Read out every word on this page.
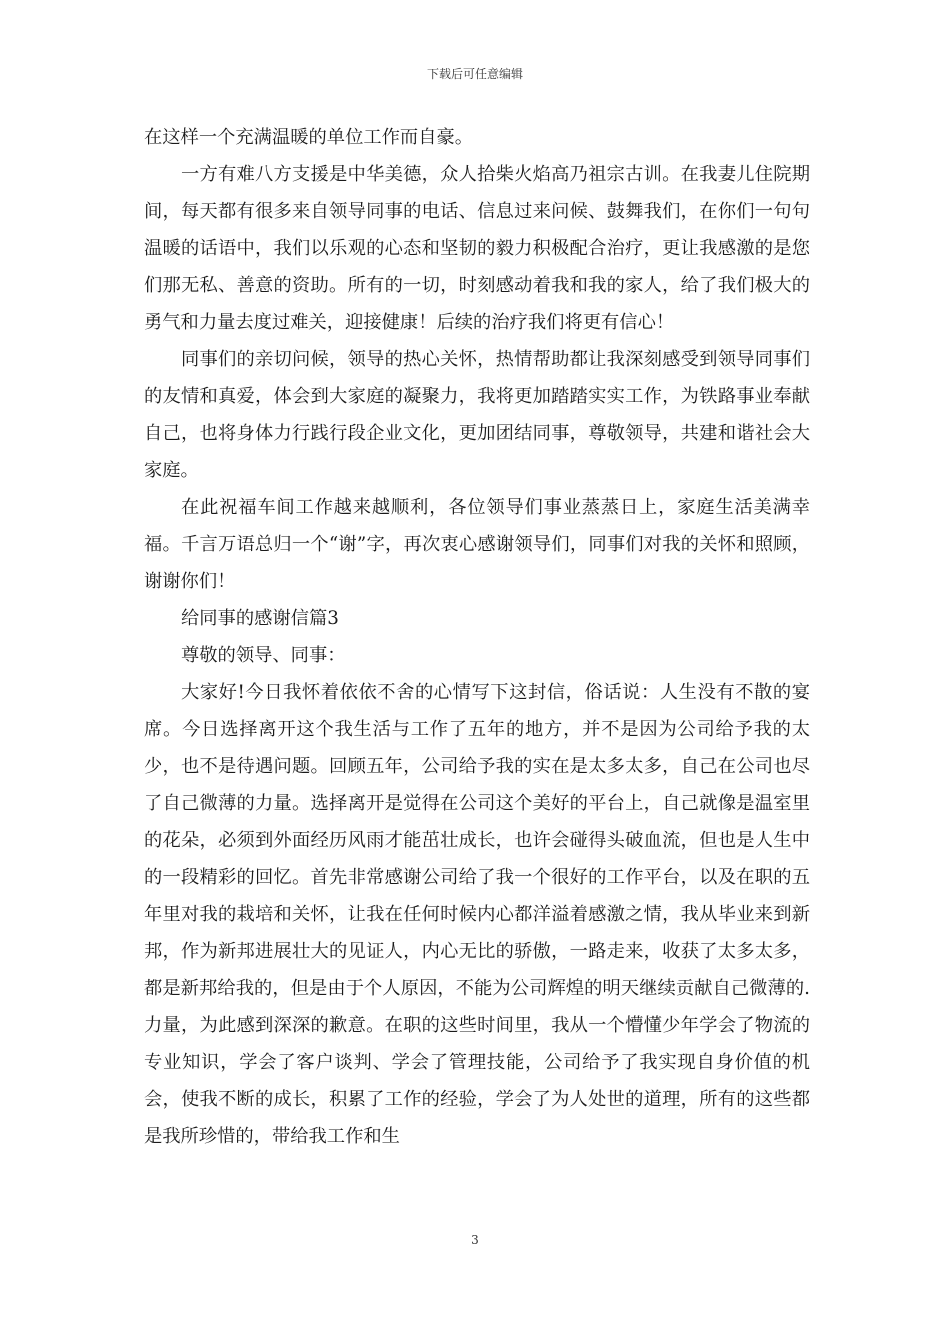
下载后可任意编辑

在这样一个充满温暖的单位工作而自豪。

一方有难八方支援是中华美德，众人拾柴火焰高乃祖宗古训。在我妻儿住院期间，每天都有很多来自领导同事的电话、信息过来问候、鼓舞我们，在你们一句句温暖的话语中，我们以乐观的心态和坚韧的毅力积极配合治疗，更让我感激的是您们那无私、善意的资助。所有的一切，时刻感动着我和我的家人，给了我们极大的勇气和力量去度过难关，迎接健康！后续的治疗我们将更有信心！

同事们的亲切问候，领导的热心关怀，热情帮助都让我深刻感受到领导同事们的友情和真爱，体会到大家庭的凝聚力，我将更加踏踏实实工作，为铁路事业奉献自己，也将身体力行践行段企业文化，更加团结同事，尊敬领导，共建和谐社会大家庭。

在此祝福车间工作越来越顺利，各位领导们事业蒸蒸日上，家庭生活美满幸福。千言万语总归一个“谢”字，再次衷心感谢领导们，同事们对我的关怀和照顾，谢谢你们！

给同事的感谢信篇3

尊敬的领导、同事：

大家好!今日我怀着依依不舍的心情写下这封信，俗话说：人生没有不散的宴席。今日选择离开这个我生活与工作了五年的地方，并不是因为公司给予我的太少，也不是待遇问题。回顾五年，公司给予我的实在是太多太多，自己在公司也尽了自己微薄的力量。选择离开是觉得在公司这个美好的平台上，自己就像是温室里的花朵，必须到外面经历风雨才能茁壮成长，也许会碰得头破血流，但也是人生中的一段精彩的回忆。首先非常感谢公司给了我一个很好的工作平台，以及在职的五年里对我的栽培和关怀，让我在任何时候内心都洋溢着感激之情，我从毕业来到新邦，作为新邦进展壮大的见证人，内心无比的骄傲，一路走来，收获了太多太多，都是新邦给我的，但是由于个人原因，不能为公司辉煌的明天继续贡献自己微薄的.力量，为此感到深深的歉意。在职的这些时间里，我从一个懵懂少年学会了物流的专业知识，学会了客户谈判、学会了管理技能，公司给予了我实现自身价值的机会，使我不断的成长，积累了工作的经验，学会了为人处世的道理，所有的这些都是我所珍惜的，带给我工作和生

3
